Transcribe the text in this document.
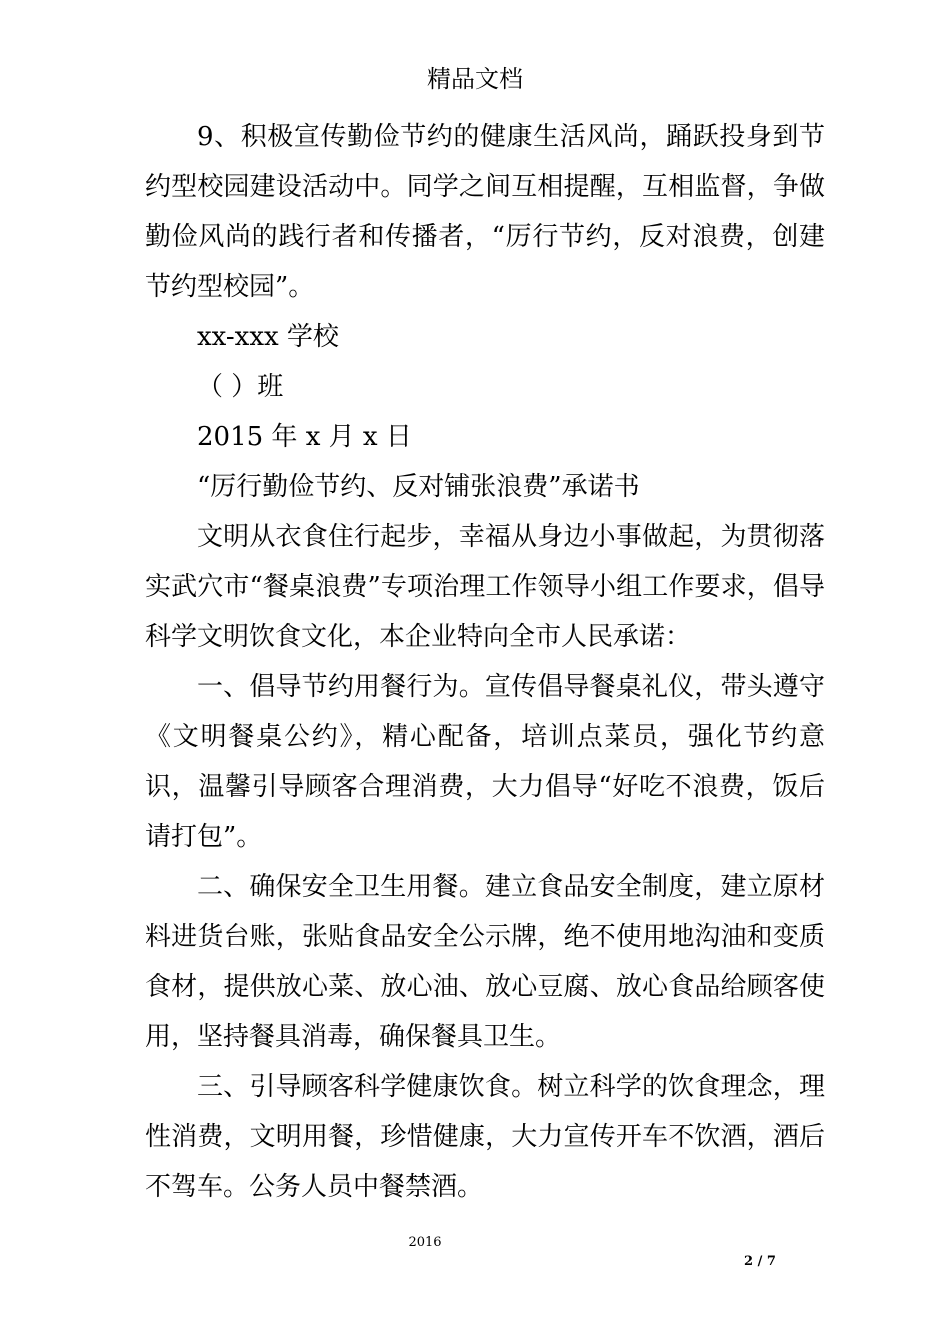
精品文档

9、积极宣传勤俭节约的健康生活风尚，踊跃投身到节约型校园建设活动中。同学之间互相提醒，互相监督，争做勤俭风尚的践行者和传播者，“厉行节约，反对浪费，创建节约型校园”。

xx-xxx 学校

（ ）班

2015 年 x 月 x 日

“厉行勤俭节约、反对铺张浪费”承诺书

文明从衣食住行起步，幸福从身边小事做起，为贯彻落实武穴市“餐桌浪费”专项治理工作领导小组工作要求，倡导科学文明饮食文化，本企业特向全市人民承诺：

一、倡导节约用餐行为。宣传倡导餐桌礼仪，带头遵守《文明餐桌公约》，精心配备，培训点菜员，强化节约意识，温馨引导顾客合理消费，大力倡导“好吃不浪费，饭后请打包”。

二、确保安全卫生用餐。建立食品安全制度，建立原材料进货台账，张贴食品安全公示牌，绝不使用地沟油和变质食材，提供放心菜、放心油、放心豆腐、放心食品给顾客使用，坚持餐具消毒，确保餐具卫生。

三、引导顾客科学健康饮食。树立科学的饮食理念，理性消费，文明用餐，珍惜健康，大力宣传开车不饮酒，酒后不驾车。公务人员中餐禁酒。

2016
2 / 7
